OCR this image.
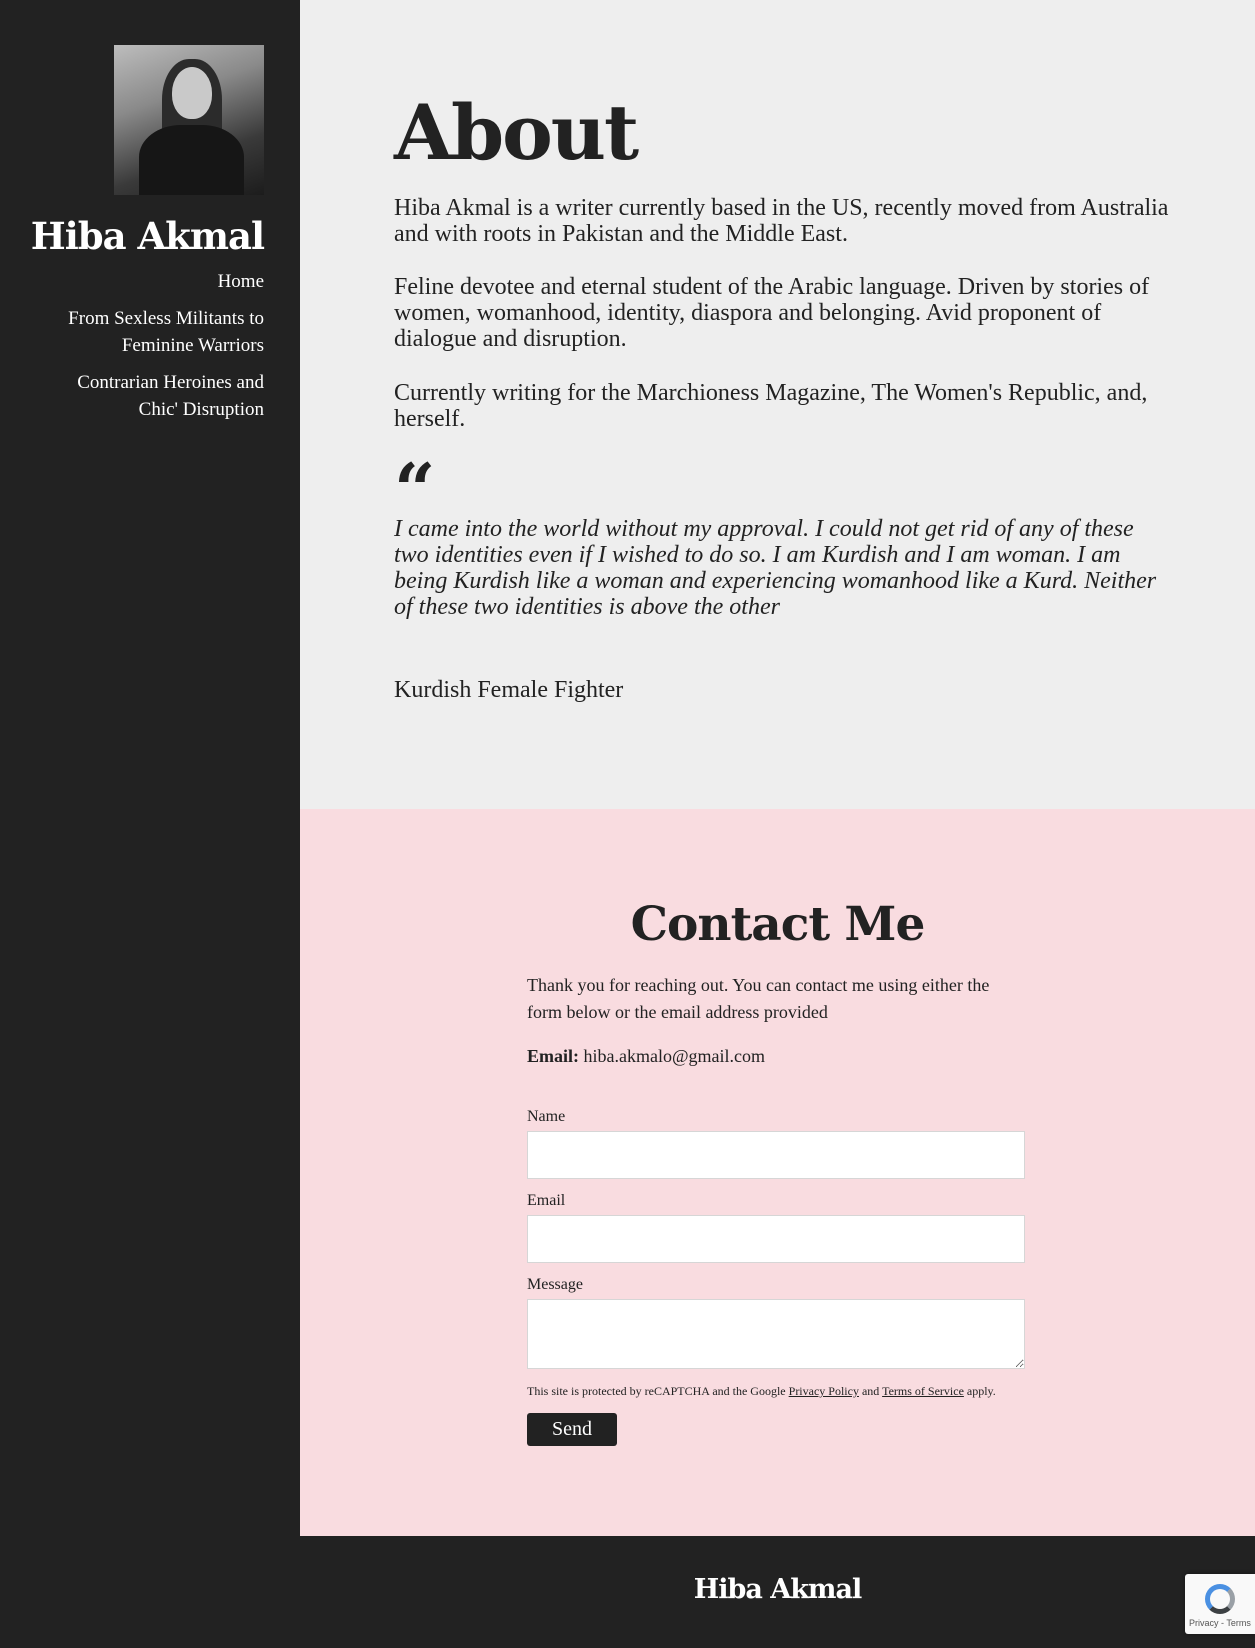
Hiba Akmal
Home
From Sexless Militants to Feminine Warriors
Contrarian Heroines and Chic' Disruption
About

Hiba Akmal is a writer currently based in the US, recently moved from Australia and with roots in Pakistan and the Middle East.

Feline devotee and eternal student of the Arabic language. Driven by stories of women, womanhood, identity, diaspora and belonging. Avid proponent of dialogue and disruption.

Currently writing for the Marchioness Magazine, The Women's Republic, and, herself.

“

I came into the world without my approval. I could not get rid of any of these two identities even if I wished to do so. I am Kurdish and I am woman. I am being Kurdish like a woman and experiencing womanhood like a Kurd. Neither of these two identities is above the other

Kurdish Female Fighter

Contact Me

Thank you for reaching out. You can contact me using either the form below or the email address provided

Email: hiba.akmalo@gmail.com

Name

Email

Message

This site is protected by reCAPTCHA and the Google Privacy Policy and Terms of Service apply.

Send

Hiba Akmal

Privacy - Terms
